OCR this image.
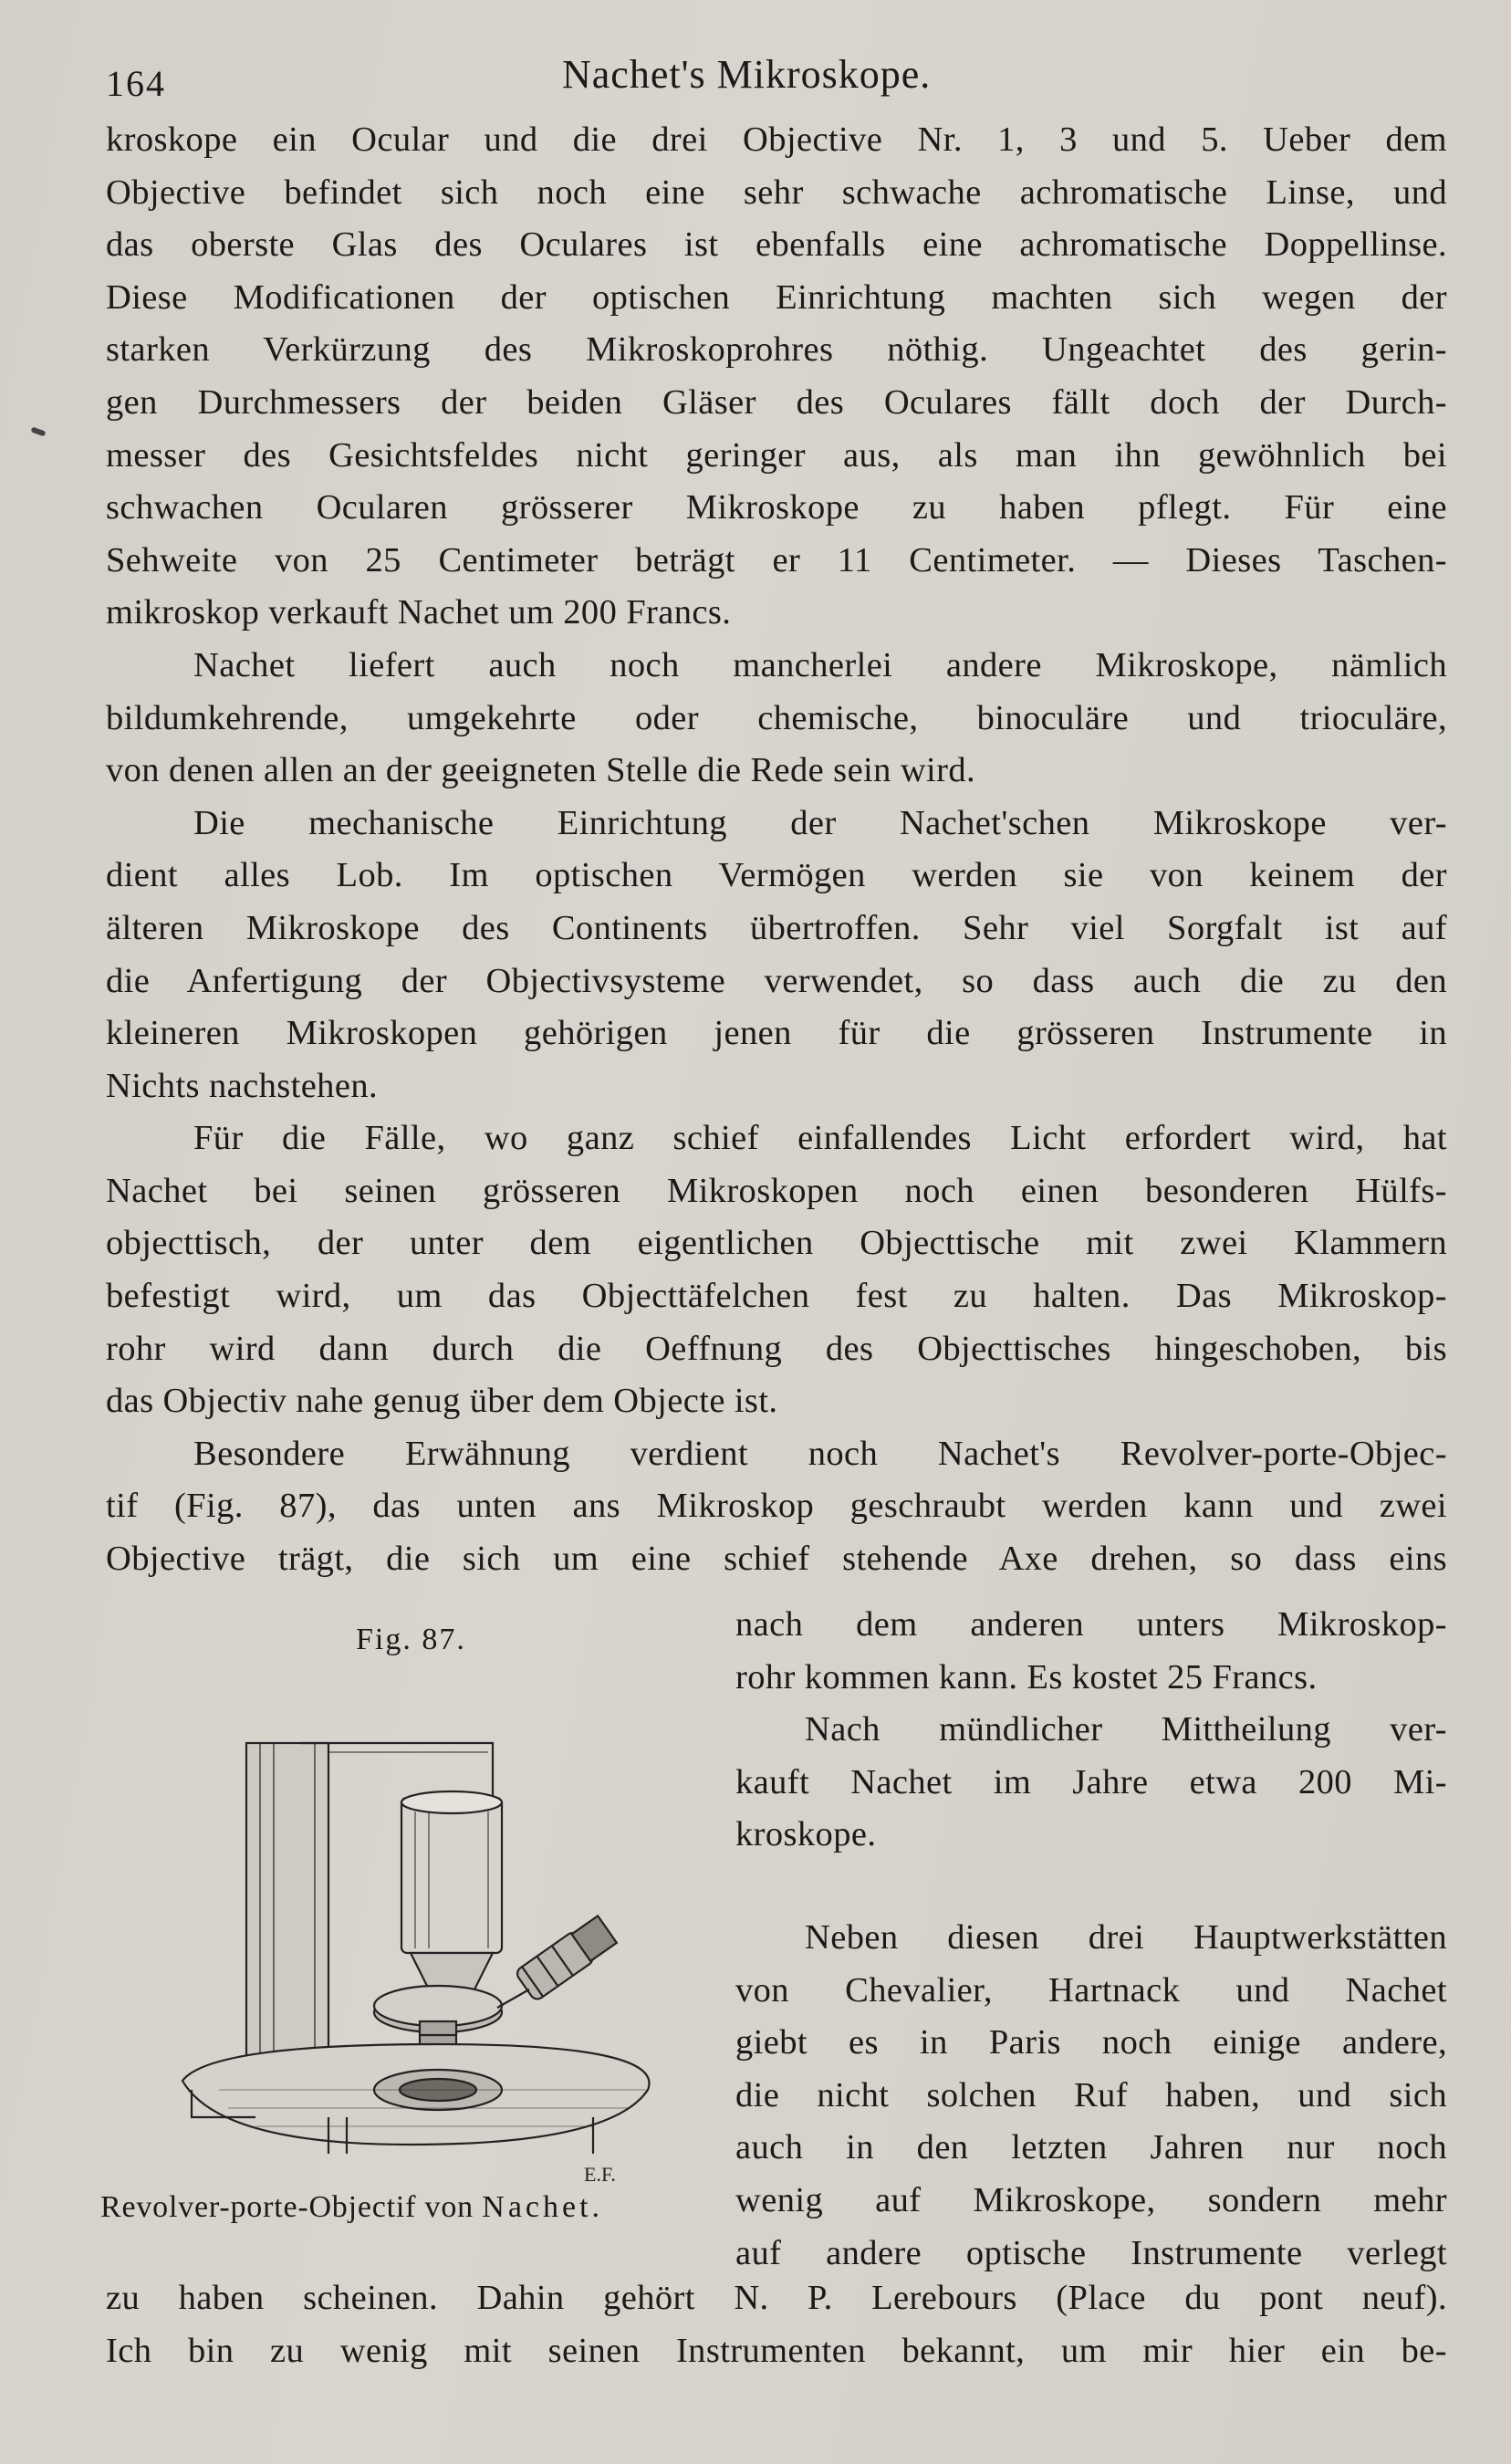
164	Nachet's Mikroskope.
kroskope ein Ocular und die drei Objective Nr. 1, 3 und 5. Ueber dem
Objective befindet sich noch eine sehr schwache achromatische Linse, und
das oberste Glas des Oculares ist ebenfalls eine achromatische Doppellinse.
Diese Modificationen der optischen Einrichtung machten sich wegen der
starken Verkürzung des Mikroskoprohres nöthig. Ungeachtet des gerin-
gen Durchmessers der beiden Gläser des Oculares fällt doch der Durch-
messer des Gesichtsfeldes nicht geringer aus, als man ihn gewöhnlich bei
schwachen Ocularen grösserer Mikroskope zu haben pflegt. Für eine
Sehweite von 25 Centimeter beträgt er 11 Centimeter. — Dieses Taschen-
mikroskop verkauft Nachet um 200 Francs.
Nachet liefert auch noch mancherlei andere Mikroskope, nämlich
bildumkehrende, umgekehrte oder chemische, binoculäre und trioculäre,
von denen allen an der geeigneten Stelle die Rede sein wird.
Die mechanische Einrichtung der Nachet'schen Mikroskope ver-
dient alles Lob. Im optischen Vermögen werden sie von keinem der
älteren Mikroskope des Continents übertroffen. Sehr viel Sorgfalt ist auf
die Anfertigung der Objectivsysteme verwendet, so dass auch die zu den
kleineren Mikroskopen gehörigen jenen für die grösseren Instrumente in
Nichts nachstehen.
Für die Fälle, wo ganz schief einfallendes Licht erfordert wird, hat
Nachet bei seinen grösseren Mikroskopen noch einen besonderen Hülfs-
objecttisch, der unter dem eigentlichen Objecttische mit zwei Klammern
befestigt wird, um das Objecttäfelchen fest zu halten. Das Mikroskop-
rohr wird dann durch die Oeffnung des Objecttisches hingeschoben, bis
das Objectiv nahe genug über dem Objecte ist.
Besondere Erwähnung verdient noch Nachet's Revolver-porte-Objec-
tif (Fig. 87), das unten ans Mikroskop geschraubt werden kann und zwei
Objective trägt, die sich um eine schief stehende Axe drehen, so dass eins
nach dem anderen unters Mikroskop-
rohr kommen kann. Es kostet 25 Francs.
Nach mündlicher Mittheilung ver-
kauft Nachet im Jahre etwa 200 Mi-
kroskope.
Neben diesen drei Hauptwerkstätten
von Chevalier, Hartnack und Nachet
giebt es in Paris noch einige andere,
die nicht solchen Ruf haben, und sich
auch in den letzten Jahren nur noch
wenig auf Mikroskope, sondern mehr
auf andere optische Instrumente verlegt
Fig. 87.
E.F.
Revolver-porte-Objectif von Nachet.
zu haben scheinen. Dahin gehört N. P. Lerebours (Place du pont neuf).
Ich bin zu wenig mit seinen Instrumenten bekannt, um mir hier ein be-
